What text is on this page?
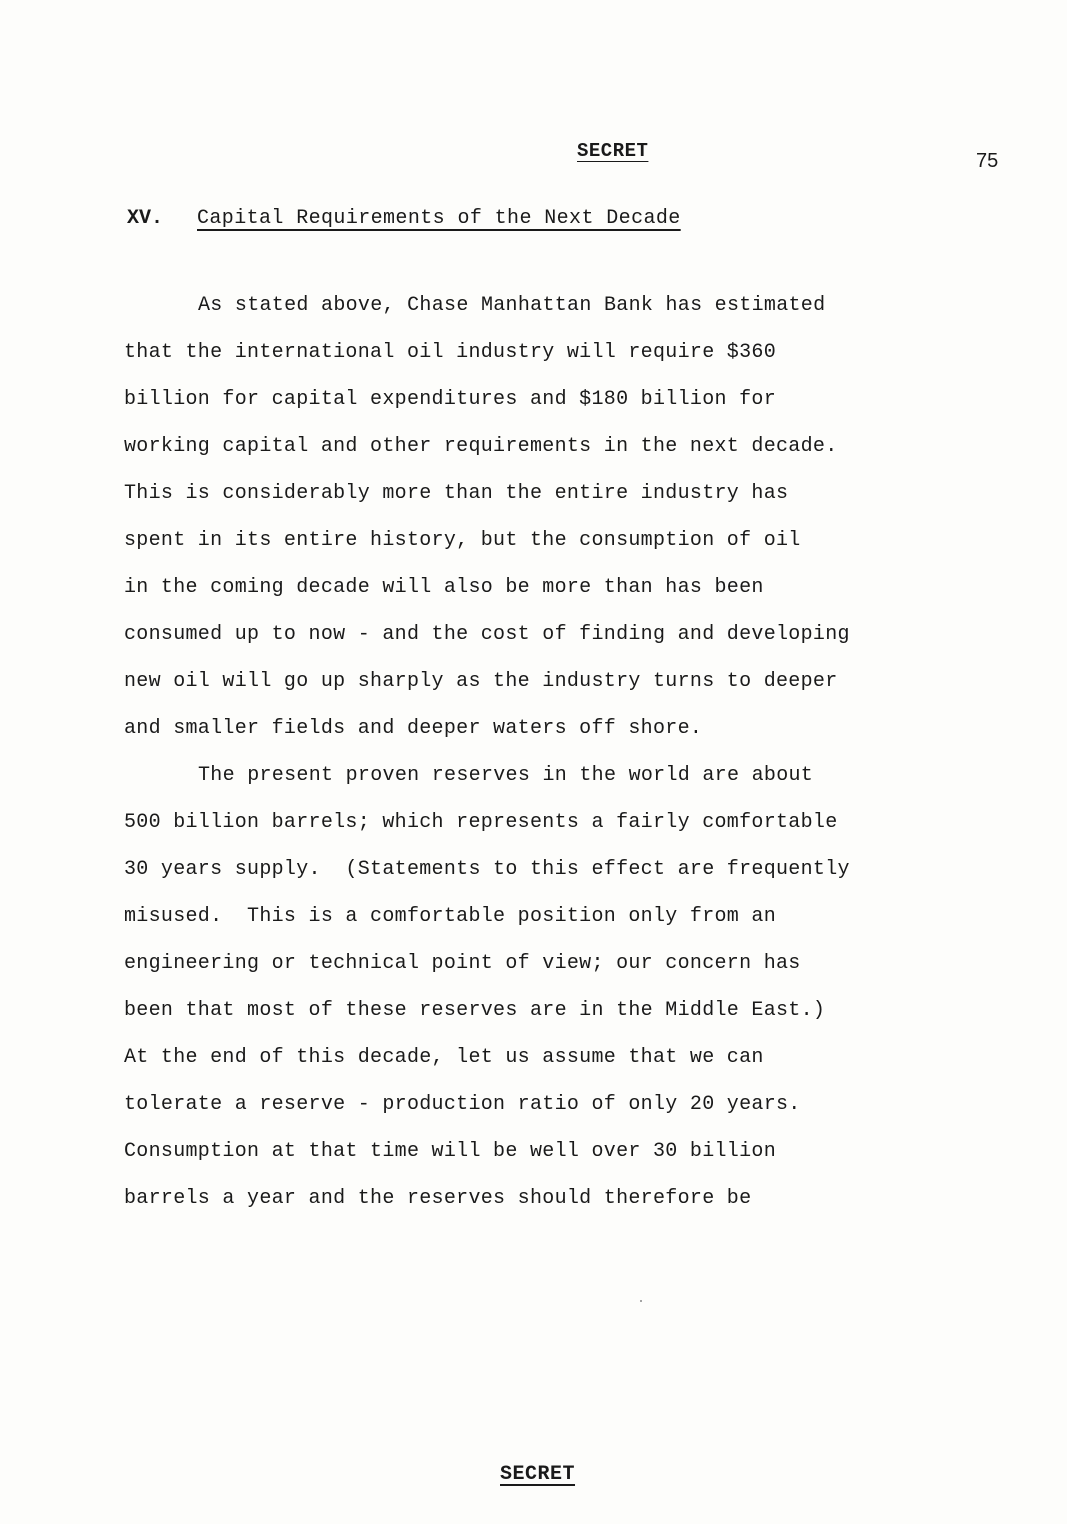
SECRET	75
XV. Capital Requirements of the Next Decade
As stated above, Chase Manhattan Bank has estimated
that the international oil industry will require $360
billion for capital expenditures and $180 billion for
working capital and other requirements in the next decade.
This is considerably more than the entire industry has
spent in its entire history, but the consumption of oil
in the coming decade will also be more than has been
consumed up to now - and the cost of finding and developing
new oil will go up sharply as the industry turns to deeper
and smaller fields and deeper waters off shore.
The present proven reserves in the world are about
500 billion barrels; which represents a fairly comfortable
30 years supply.  (Statements to this effect are frequently
misused.  This is a comfortable position only from an
engineering or technical point of view; our concern has
been that most of these reserves are in the Middle East.)
At the end of this decade, let us assume that we can
tolerate a reserve - production ratio of only 20 years.
Consumption at that time will be well over 30 billion
barrels a year and the reserves should therefore be
SECRET
